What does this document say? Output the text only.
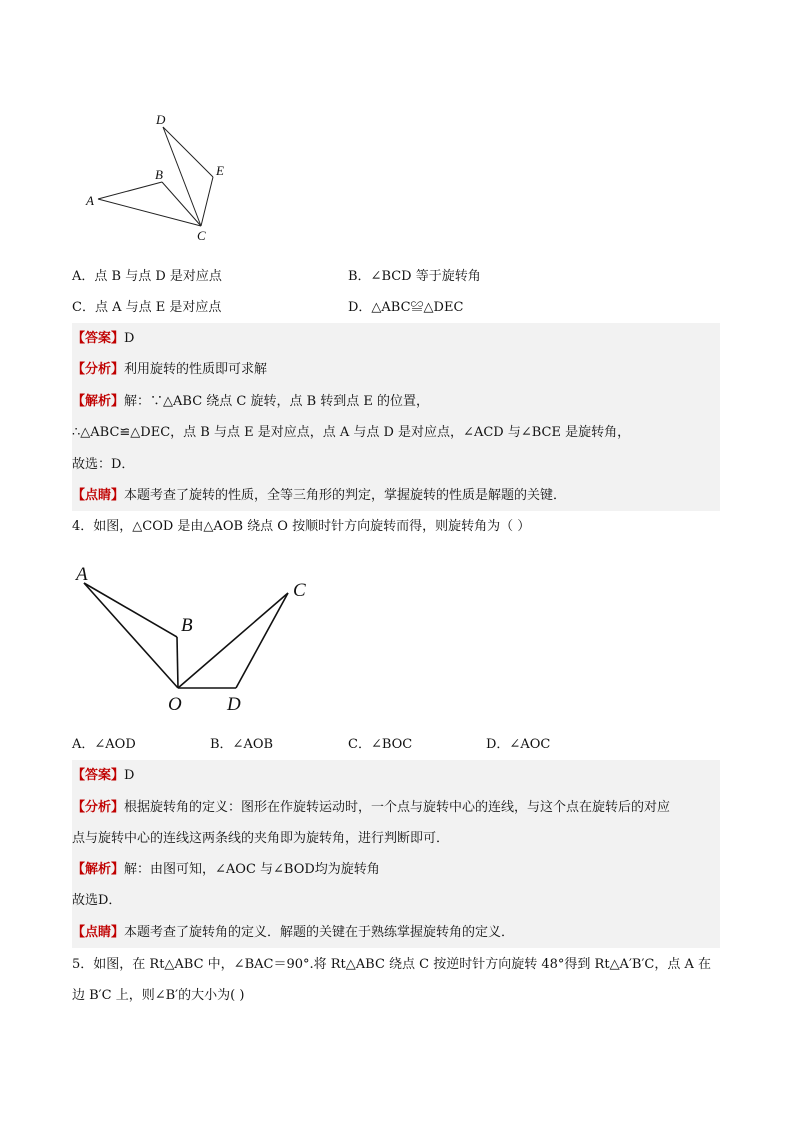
D
B	E
A
C
A．点 B 与点 D 是对应点	B．∠BCD 等于旋转角
C．点 A 与点 E 是对应点	D．△ABC≌△DEC
【答案】D
【分析】利用旋转的性质即可求解
【解析】解：∵△ABC 绕点 C 旋转，点 B 转到点 E 的位置，
∴△ABC≌△DEC，点 B 与点 E 是对应点，点 A 与点 D 是对应点，∠ACD 与∠BCE 是旋转角，
故选：D．
【点睛】本题考查了旋转的性质，全等三角形的判定，掌握旋转的性质是解题的关键．
4．如图，△COD 是由△AOB 绕点 O 按顺时针方向旋转而得，则旋转角为（ ）
A
B
C
O D
A．∠AOD	B．∠AOB	C．∠BOC	D．∠AOC
【答案】D
【分析】根据旋转角的定义：图形在作旋转运动时，一个点与旋转中心的连线，与这个点在旋转后的对应
点与旋转中心的连线这两条线的夹角即为旋转角，进行判断即可．
【解析】解：由图可知，∠AOC 与∠BOD均为旋转角
故选D．
【点睛】本题考查了旋转角的定义．解题的关键在于熟练掌握旋转角的定义．
5．如图，在 Rt△ABC 中，∠BAC＝90°.将 Rt△ABC 绕点 C 按逆时针方向旋转 48°得到 Rt△A′B′C，点 A 在
边 B′C 上，则∠B′的大小为( )
